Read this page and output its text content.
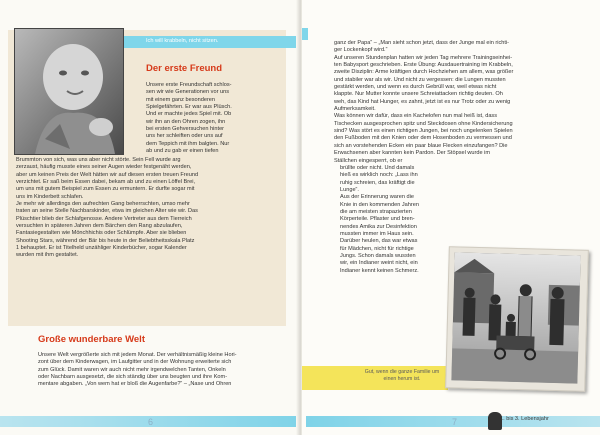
Ich will krabbeln, nicht sitzen.
Der erste Freund

Unsere erste Freundschaft schlos-
sen wir wie Generationen vor uns
mit einem ganz besonderen
Spielgefährten. Er war aus Plüsch.
Und er machte jedes Spiel mit. Ob
wir ihn an den Ohren zogen, ihn
bei ersten Gehversuchen hinter
uns her schleiften oder uns auf
dem Teppich mit ihm balgten. Nur
ab und zu gab er einen tiefen

Brummton von sich, was uns aber nicht störte. Sein Fell wurde arg
zerzaust, häufig musste eines seiner Augen wieder festgenäht werden,
aber um keinen Preis der Welt hätten wir auf diesen ersten treuen Freund
verzichtet. Er saß beim Essen dabei, bekam ab und zu einen Löffel Brei,
um uns mit gutem Beispiel zum Essen zu ermuntern. Er durfte sogar mit
uns im Kinderbett schlafen.
Je mehr wir allerdings den aufrechten Gang beherrschten, umso mehr
traten an seine Stelle Nachbarskinder, etwa im gleichen Alter wie wir. Das
Plüschtier blieb der Schlafgenosse. Andere Vertreter aus dem Tierreich
versuchten in späteren Jahren dem Bärchen den Rang abzulaufen,
Fantasiegestalten wie Mönchhichis oder Schlümpfe. Aber sie blieben
Shooting Stars, während der Bär bis heute in der Beliebtheitsskala Platz
1 behauptet. Er ist Titelheld unzähliger Kinderbücher, sogar Kalender
wurden mit ihm gestaltet.

Große wunderbare Welt

Unsere Welt vergrößerte sich mit jedem Monat. Der verhältnismäßig kleine Hori-
zont über dem Kinderwagen, im Laufgitter und in der Wohnung erweiterte sich
zum Glück. Damit waren wir auch nicht mehr irgendwelchen Tanten, Onkeln
oder Nachbarn ausgesetzt, die sich ständig über uns beugten und ihre Kom-
mentare abgaben. „Von wem hat er bloß die Augenfarbe?“ – „Nase und Ohren

6

ganz der Papa“ – „Man sieht schon jetzt, dass der Junge mal ein richti-
ger Lockenkopf wird.“
Auf unseren Stundenplan hatten wir jeden Tag mehrere Trainingseinhei-
ten Babysport geschrieben. Erste Übung: Ausdauertraining im Krabbeln,
zweite Disziplin: Arme kräftigen durch Hochziehen am allem, was größer
und stabiler war als wir. Und nicht zu vergessen: die Lungen mussten
gestärkt werden, und wenn es durch Gebrüll war, weil etwas nicht
klappte. Nur Mutter konnte unsere Schreiattacken richtig deuten. Oh
weh, das Kind hat Hunger, es zahnt, jetzt ist es nur Trotz oder zu wenig
Aufmerksamkeit.
Was können wir dafür, dass ein Kachelofen nun mal heiß ist, dass
Tischecken ausgesprochen spitz und Steckdosen ohne Kindersicherung
sind? Was stört es einen richtigen Jungen, bei noch ungelenken Spielen
den Fußboden mit den Knien oder dem Hosenboden zu vermessen und
sich an vorstehenden Ecken ein paar blaue Flecken einzufangen? Die
Erwachsenen aber kannten kein Pardon. Der Stöpsel wurde im
Ställchen eingesperrt, ob er

brüllte oder nicht. Und damals
hieß es wirklich noch: „Lass ihn
ruhig schreien, das kräftigt die
Lunge“.
Aus der Erinnerung waren die
Knie in den kommenden Jahren
die am meisten strapazierten
Körperteile. Pflaster und bren-
nendes Amika zur Desinfektion
mussten immer im Haus sein.
Darüber heulen, das war etwas
für Mädchen, nicht für richtige
Jungs. Schon damals wussten
wir, ein Indianer weint nicht, ein
Indianer kennt keinen Schmerz.

Gut, wenn die ganze Familie um einen herum ist.
7	1. bis 3. Lebensjahr
